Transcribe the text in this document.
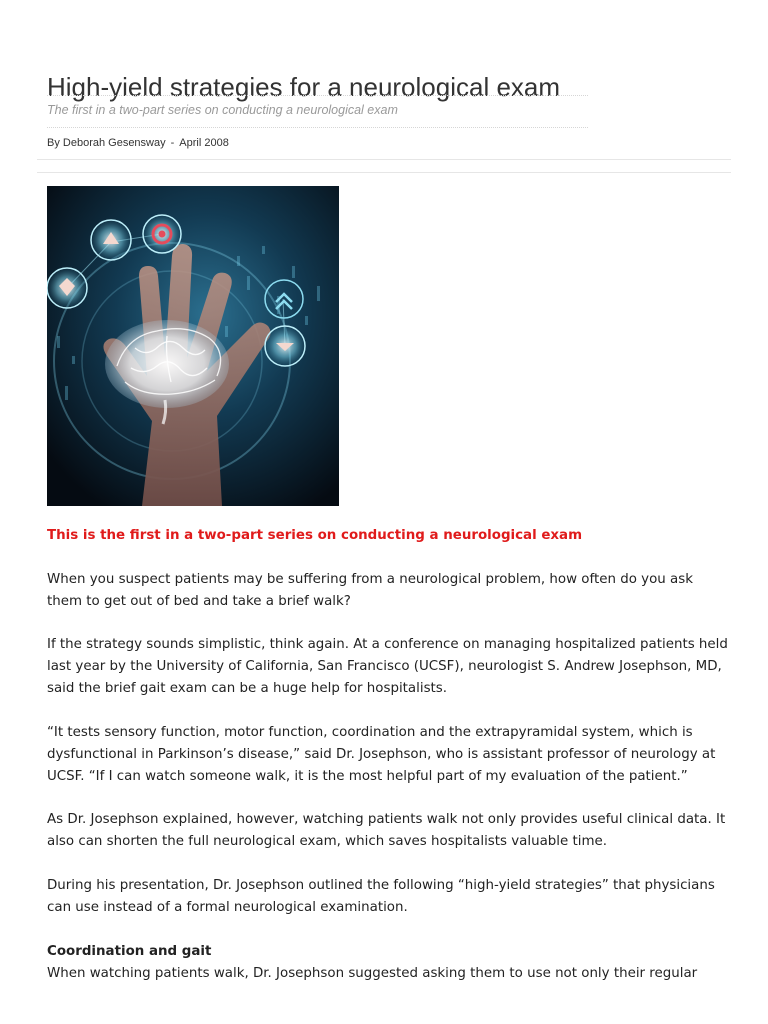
High-yield strategies for a neurological exam
The first in a two-part series on conducting a neurological exam
By Deborah Gesensway - April 2008

This is the first in a two-part series on conducting a neurological exam

When you suspect patients may be suffering from a neurological problem, how often do you ask them to get out of bed and take a brief walk?

If the strategy sounds simplistic, think again. At a conference on managing hospitalized patients held last year by the University of California, San Francisco (UCSF), neurologist S. Andrew Josephson, MD, said the brief gait exam can be a huge help for hospitalists.

“It tests sensory function, motor function, coordination and the extrapyramidal system, which is dysfunctional in Parkinson’s disease,” said Dr. Josephson, who is assistant professor of neurology at UCSF. “If I can watch someone walk, it is the most helpful part of my evaluation of the patient.”

As Dr. Josephson explained, however, watching patients walk not only provides useful clinical data. It also can shorten the full neurological exam, which saves hospitalists valuable time.

During his presentation, Dr. Josephson outlined the following “high-yield strategies” that physicians can use instead of a formal neurological examination.

Coordination and gait

When watching patients walk, Dr. Josephson suggested asking them to use not only their regular
